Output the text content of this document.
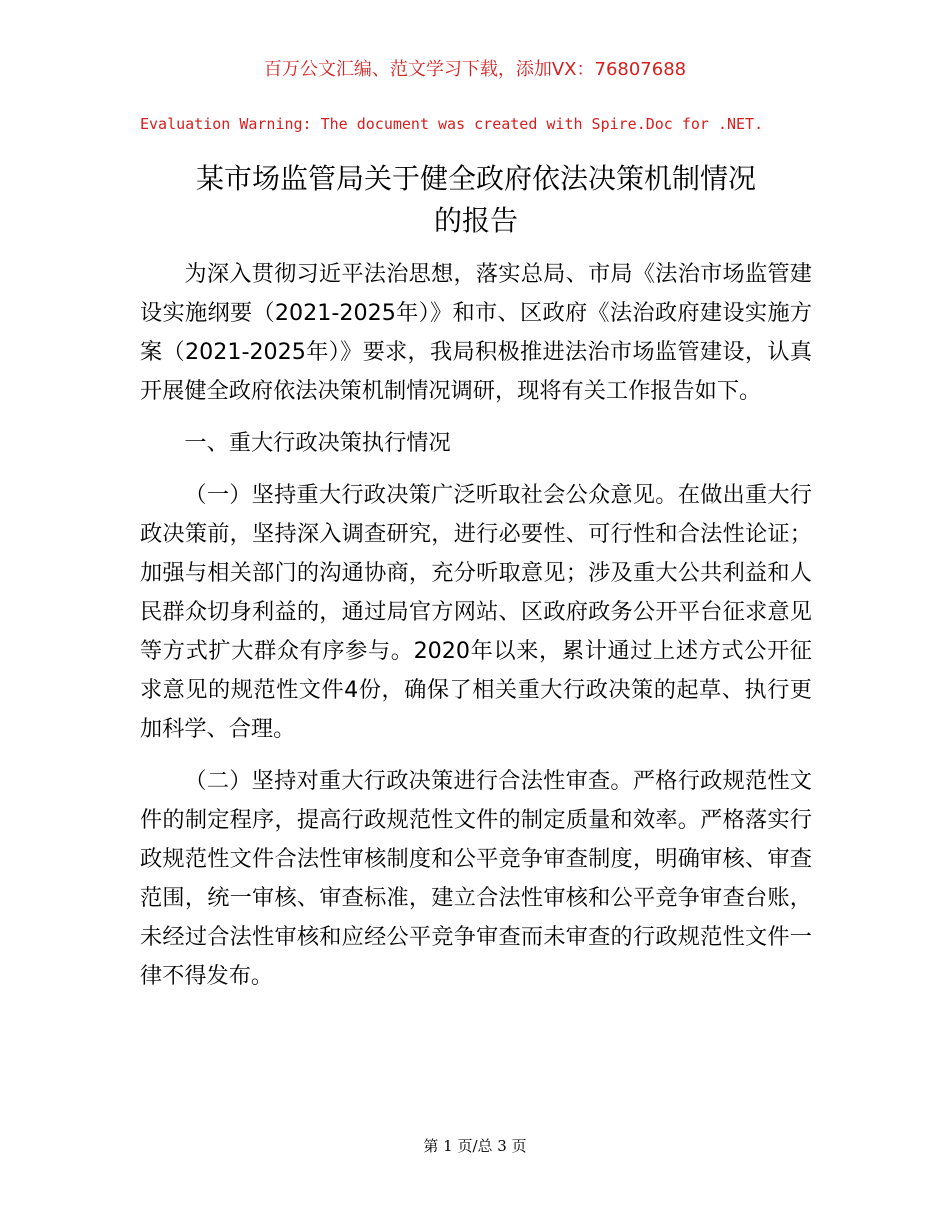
百万公文汇编、范文学习下载，添加VX：76807688
Evaluation Warning: The document was created with Spire.Doc for .NET.
某市场监管局关于健全政府依法决策机制情况
的报告

为深入贯彻习近平法治思想，落实总局、市局《法治市场监管建设实施纲要（2021-2025年）》和市、区政府《法治政府建设实施方案（2021-2025年）》要求，我局积极推进法治市场监管建设，认真开展健全政府依法决策机制情况调研，现将有关工作报告如下。

一、重大行政决策执行情况

（一）坚持重大行政决策广泛听取社会公众意见。在做出重大行政决策前，坚持深入调查研究，进行必要性、可行性和合法性论证；加强与相关部门的沟通协商，充分听取意见；涉及重大公共利益和人民群众切身利益的，通过局官方网站、区政府政务公开平台征求意见等方式扩大群众有序参与。2020年以来，累计通过上述方式公开征求意见的规范性文件4份，确保了相关重大行政决策的起草、执行更加科学、合理。

（二）坚持对重大行政决策进行合法性审查。严格行政规范性文件的制定程序，提高行政规范性文件的制定质量和效率。严格落实行政规范性文件合法性审核制度和公平竞争审查制度，明确审核、审查范围，统一审核、审查标准，建立合法性审核和公平竞争审查台账，未经过合法性审核和应经公平竞争审查而未审查的行政规范性文件一律不得发布。

第 1 页/总 3 页
